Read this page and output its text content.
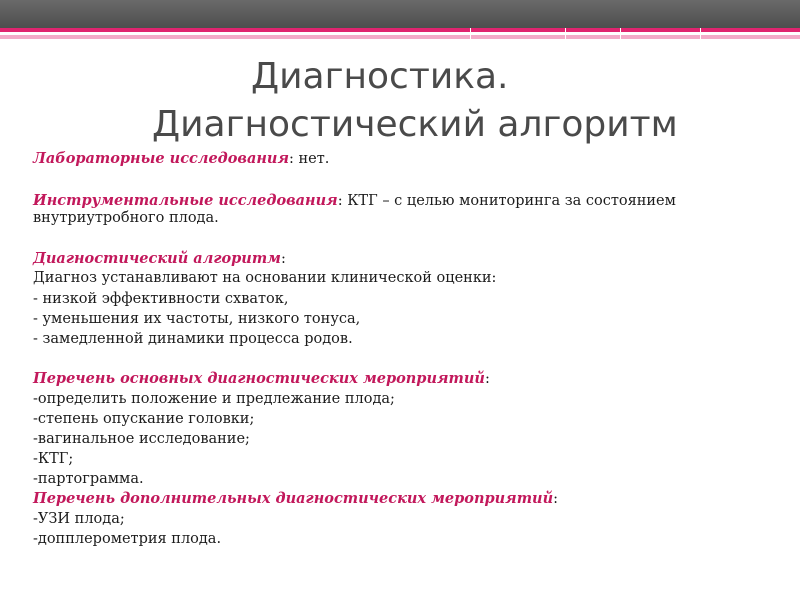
Диагностика.
Диагностический алгоритм
Лабораторные исследования: нет.
Инструментальные исследования: КТГ – с целью мониторинга за состоянием
внутриутробного плода.
Диагностический алгоритм:
Диагноз устанавливают на основании клинической оценки:
- низкой эффективности схваток,
- уменьшения их частоты, низкого тонуса,
- замедленной динамики процесса родов.
Перечень основных диагностических мероприятий:
-определить положение и предлежание плода;
-степень опускание головки;
-вагинальное исследование;
-КТГ;
-партограмма.
Перечень дополнительных диагностических мероприятий:
-УЗИ плода;
-допплерометрия плода.
